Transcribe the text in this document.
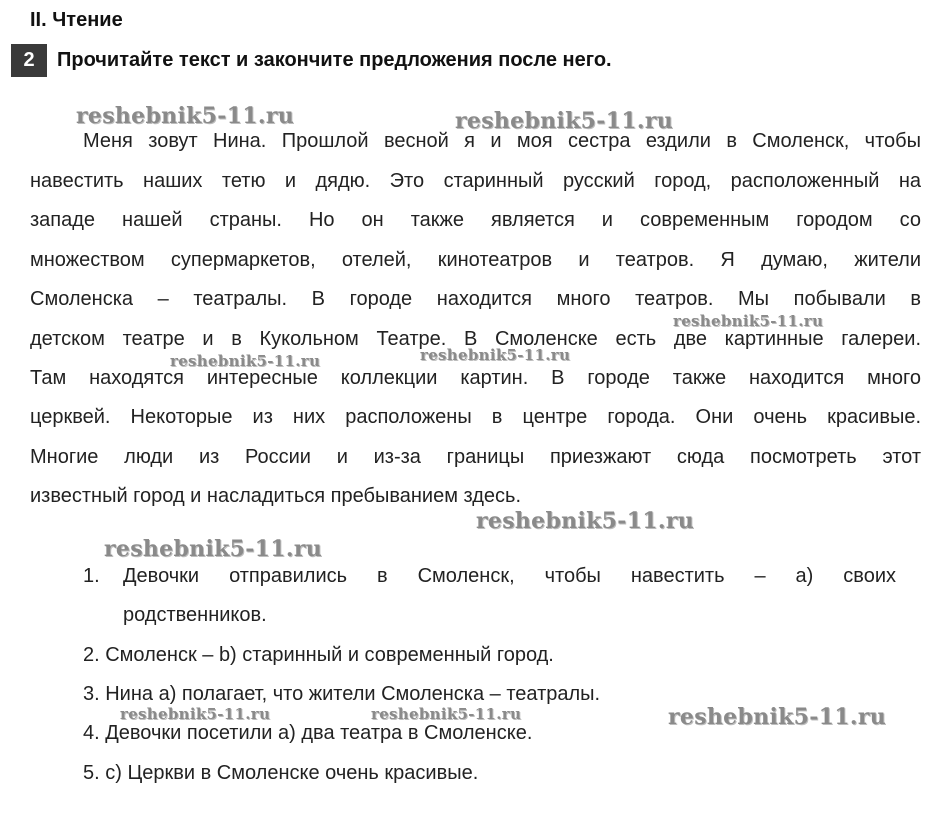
II. Чтение
2	Прочитайте текст и закончите предложения после него.
Меня зовут Нина. Прошлой весной я и моя сестра ездили в Смоленск, чтобы
навестить наших тетю и дядю. Это старинный русский город, расположенный на
западе нашей страны. Но он также является и современным городом со
множеством супермаркетов, отелей, кинотеатров и театров. Я думаю, жители
Смоленска – театралы. В городе находится много театров. Мы побывали в
детском театре и в Кукольном Театре. В Смоленске есть две картинные галереи.
Там находятся интересные коллекции картин. В городе также находится много
церквей. Некоторые из них расположены в центре города. Они очень красивые.
Многие люди из России и из-за границы приезжают сюда посмотреть этот
известный город и насладиться пребыванием здесь.
1. Девочки отправились в Смоленск, чтобы навестить – а) своих
родственников.
2. Смоленск – b) старинный и современный город.
3. Нина а) полагает, что жители Смоленска – театралы.
4. Девочки посетили а) два театра в Смоленске.
5. с) Церкви в Смоленске очень красивые.
reshebnik5-11.ru	reshebnik5-11.ru
reshebnik5-11.ru
reshebnik5-11.ru	reshebnik5-11.ru
reshebnik5-11.ru
reshebnik5-11.ru
reshebnik5-11.ru	reshebnik5-11.ru	reshebnik5-11.ru
